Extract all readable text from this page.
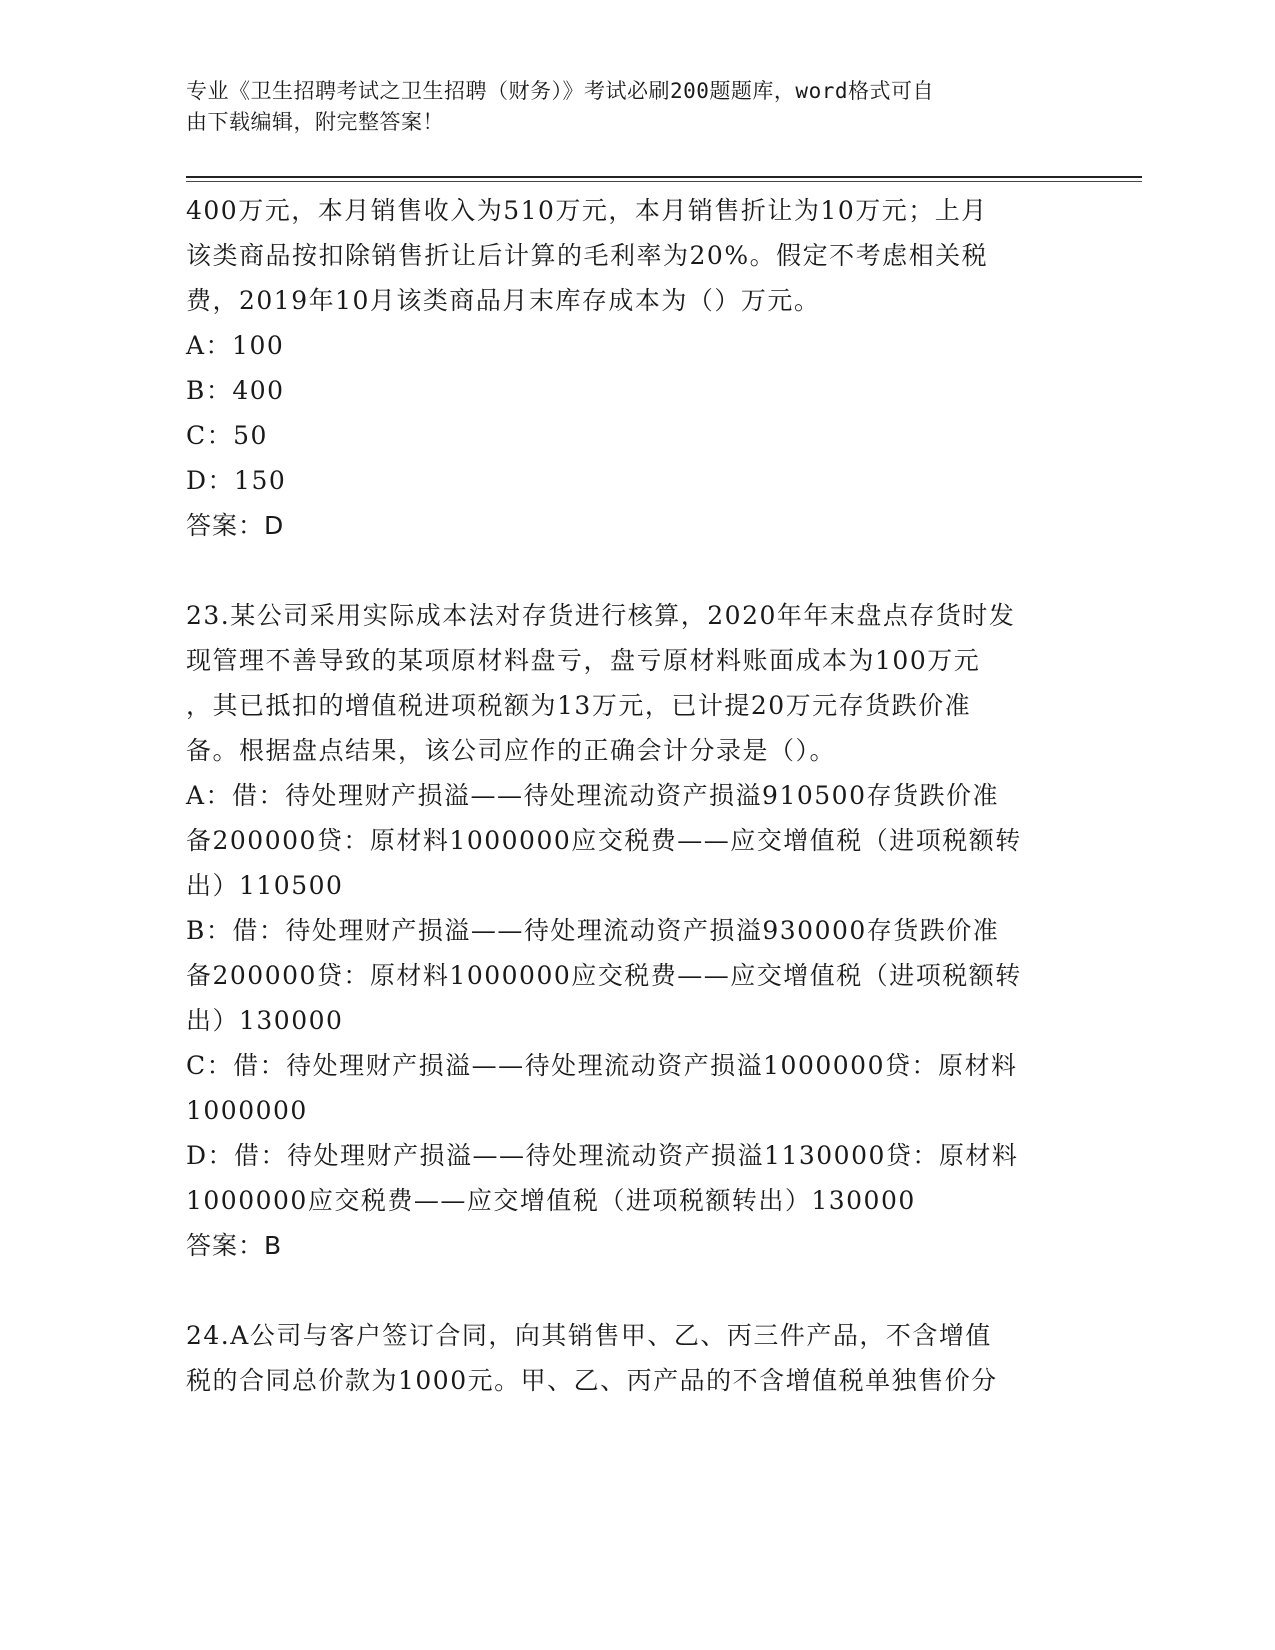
专业《卫生招聘考试之卫生招聘（财务）》考试必刷200题题库，word格式可自
由下载编辑，附完整答案！
400万元，本月销售收入为510万元，本月销售折让为10万元；上月
该类商品按扣除销售折让后计算的毛利率为20%。假定不考虑相关税
费，2019年10月该类商品月末库存成本为（）万元。
A：100
B：400
C：50
D：150
答案：D
23.某公司采用实际成本法对存货进行核算，2020年年末盘点存货时发
现管理不善导致的某项原材料盘亏，盘亏原材料账面成本为100万元
，其已抵扣的增值税进项税额为13万元，已计提20万元存货跌价准
备。根据盘点结果，该公司应作的正确会计分录是（）。
A：借：待处理财产损溢——待处理流动资产损溢910500存货跌价准
备200000贷：原材料1000000应交税费——应交增值税（进项税额转
出）110500
B：借：待处理财产损溢——待处理流动资产损溢930000存货跌价准
备200000贷：原材料1000000应交税费——应交增值税（进项税额转
出）130000
C：借：待处理财产损溢——待处理流动资产损溢1000000贷：原材料
1000000
D：借：待处理财产损溢——待处理流动资产损溢1130000贷：原材料
1000000应交税费——应交增值税（进项税额转出）130000
答案：B
24.A公司与客户签订合同，向其销售甲、乙、丙三件产品，不含增值
税的合同总价款为1000元。甲、乙、丙产品的不含增值税单独售价分
